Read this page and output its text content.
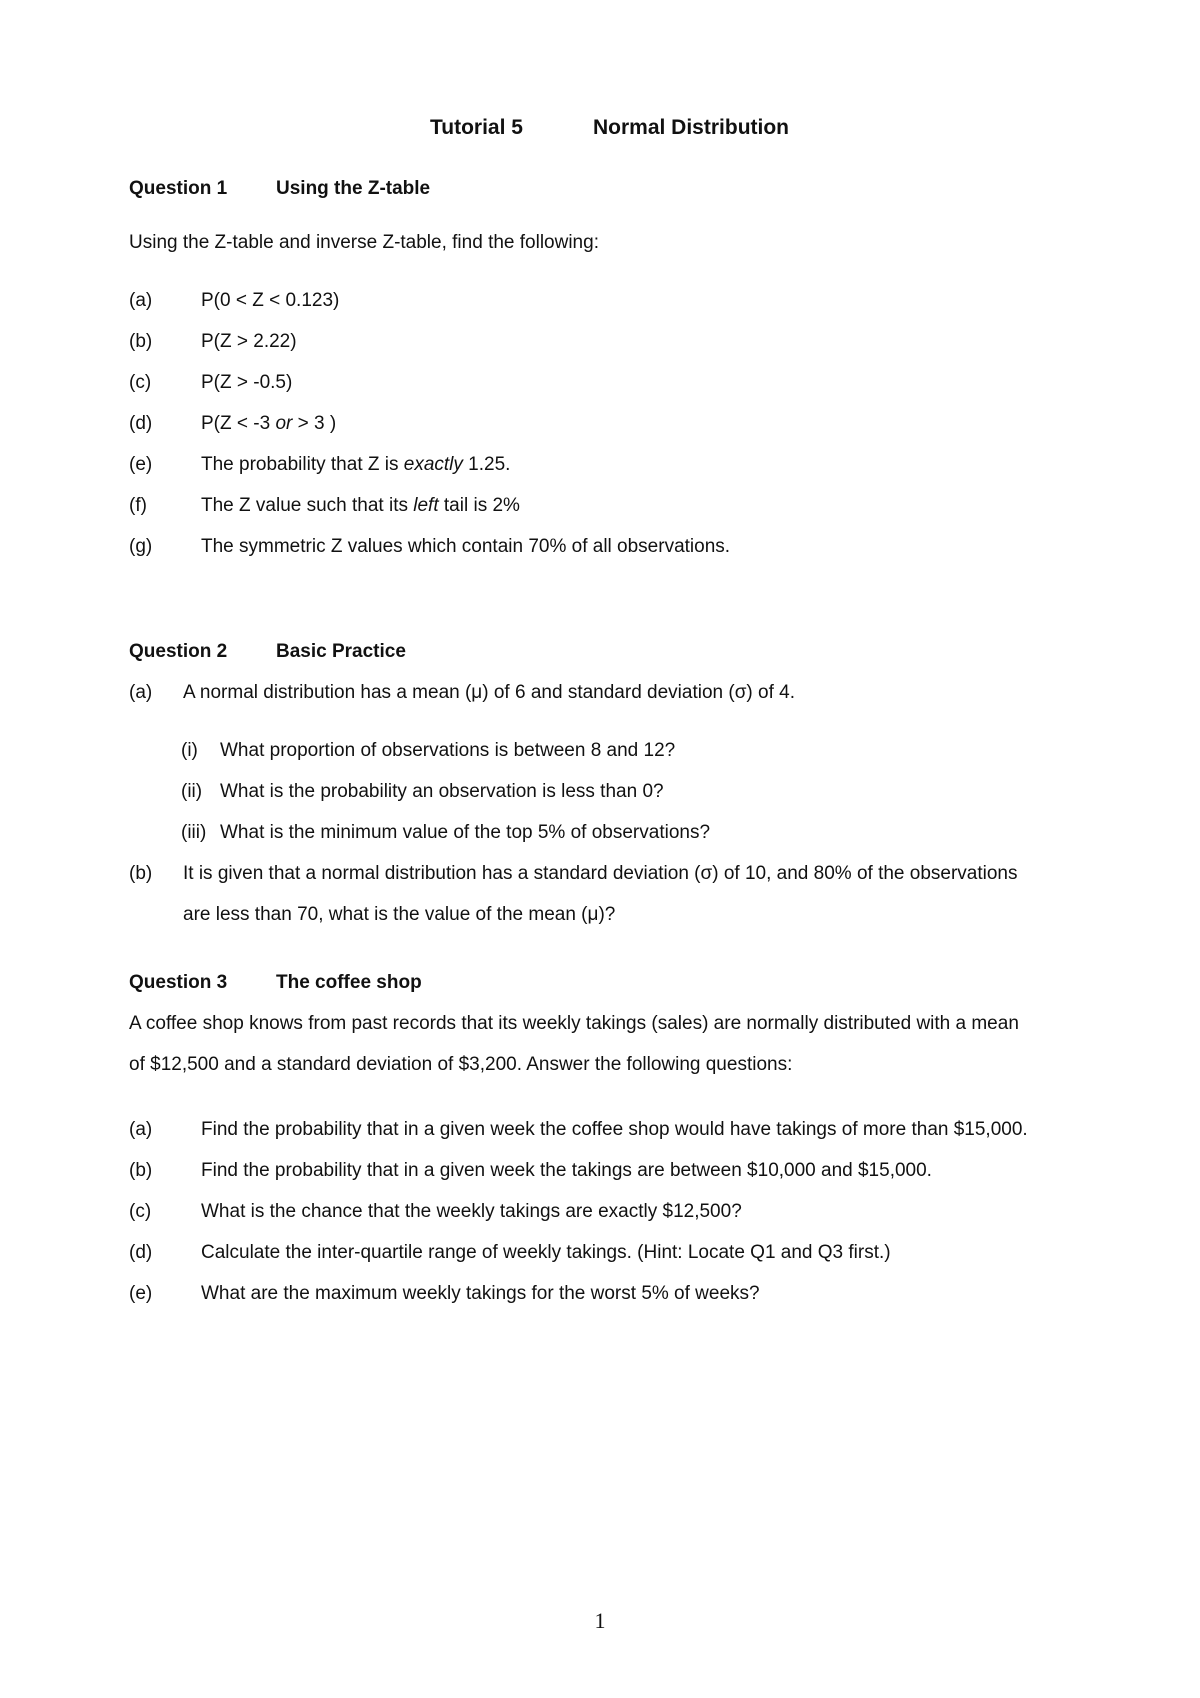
Tutorial 5	Normal Distribution
Question 1	Using the Z-table
Using the Z-table and inverse Z-table, find the following:
(a)	P(0 < Z < 0.123)
(b)	P(Z > 2.22)
(c)	P(Z > -0.5)
(d)	P(Z < -3 or > 3 )
(e)	The probability that Z is exactly 1.25.
(f)	The Z value such that its left tail is 2%
(g)	The symmetric Z values which contain 70% of all observations.
Question 2	Basic Practice
(a) A normal distribution has a mean (μ) of 6 and standard deviation (σ) of 4.
(i) What proportion of observations is between 8 and 12?
(ii) What is the probability an observation is less than 0?
(iii) What is the minimum value of the top 5% of observations?
(b) It is given that a normal distribution has a standard deviation (σ) of 10, and 80% of the observations
are less than 70, what is the value of the mean (μ)?
Question 3	The coffee shop
A coffee shop knows from past records that its weekly takings (sales) are normally distributed with a mean
of $12,500 and a standard deviation of $3,200. Answer the following questions:
(a)	Find the probability that in a given week the coffee shop would have takings of more than $15,000.
(b)	Find the probability that in a given week the takings are between $10,000 and $15,000.
(c)	What is the chance that the weekly takings are exactly $12,500?
(d)	Calculate the inter-quartile range of weekly takings. (Hint: Locate Q1 and Q3 first.)
(e)	What are the maximum weekly takings for the worst 5% of weeks?
1
